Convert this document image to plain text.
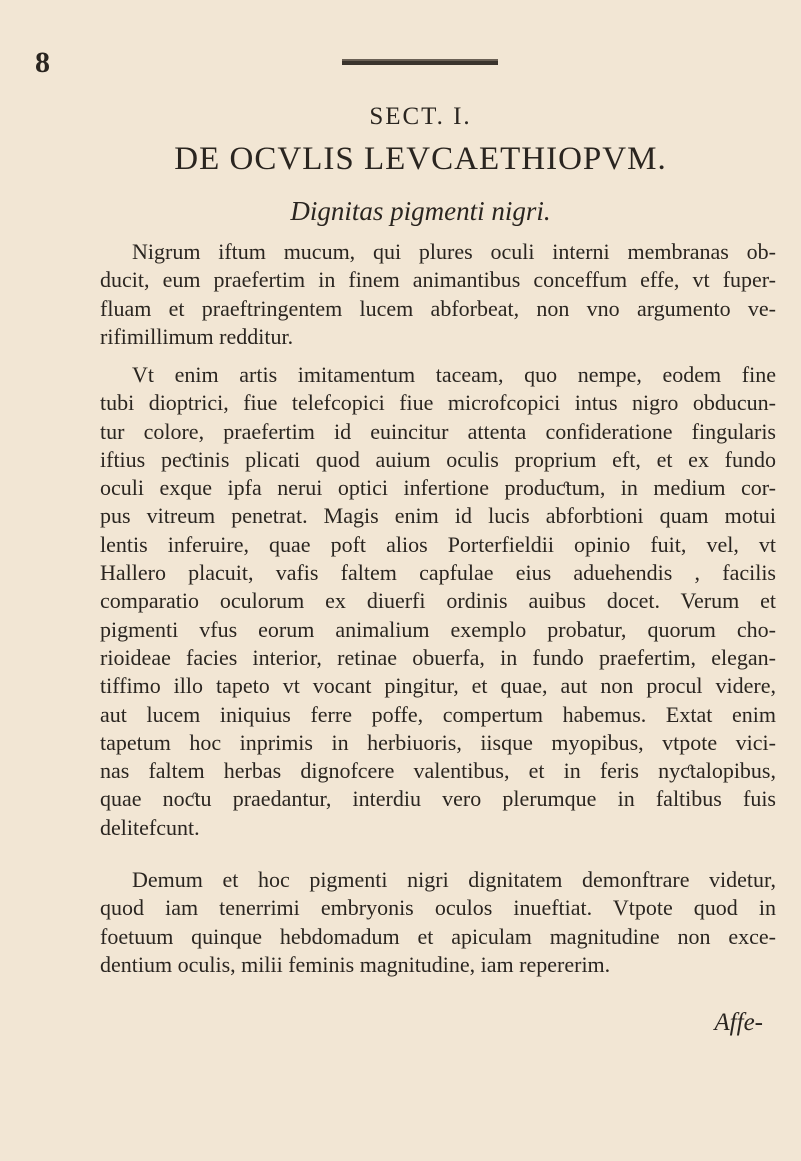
8
SECT. I.
DE OCVLIS LEVCAETHIOPVM.
Dignitas pigmenti nigri.
Nigrum iftum mucum, qui plures oculi interni membranas ob-
ducit, eum praefertim in finem animantibus conceffum effe, vt fuper-
fluam et praeftringentem lucem abforbeat, non vno argumento ve-
rifimillimum redditur.
Vt enim artis imitamentum taceam, quo nempe, eodem fine
tubi dioptrici, fiue telefcopici fiue microfcopici intus nigro obducun-
tur colore, praefertim id euincitur attenta confideratione fingularis
iftius peƈtinis plicati quod auium oculis proprium eft, et ex fundo
oculi exque ipfa nerui optici infertione produƈtum, in medium cor-
pus vitreum penetrat. Magis enim id lucis abforbtioni quam motui
lentis inferuire, quae poft alios Porterfieldii opinio fuit, vel, vt
Hallero placuit, vafis faltem capfulae eius aduehendis , facilis
comparatio oculorum ex diuerfi ordinis auibus docet. Verum et
pigmenti vfus eorum animalium exemplo probatur, quorum cho-
rioideae facies interior, retinae obuerfa, in fundo praefertim, elegan-
tiffimo illo tapeto vt vocant pingitur, et quae, aut non procul videre,
aut lucem iniquius ferre poffe, compertum habemus. Extat enim
tapetum hoc inprimis in herbiuoris, iisque myopibus, vtpote vici-
nas faltem herbas dignofcere valentibus, et in feris nyƈtalopibus,
quae noƈtu praedantur, interdiu vero plerumque in faltibus fuis
delitefcunt.
Demum et hoc pigmenti nigri dignitatem demonftrare videtur,
quod iam tenerrimi embryonis oculos inueftiat. Vtpote quod in
foetuum quinque hebdomadum et apiculam magnitudine non exce-
dentium oculis, milii feminis magnitudine, iam repererim.
Affe-
